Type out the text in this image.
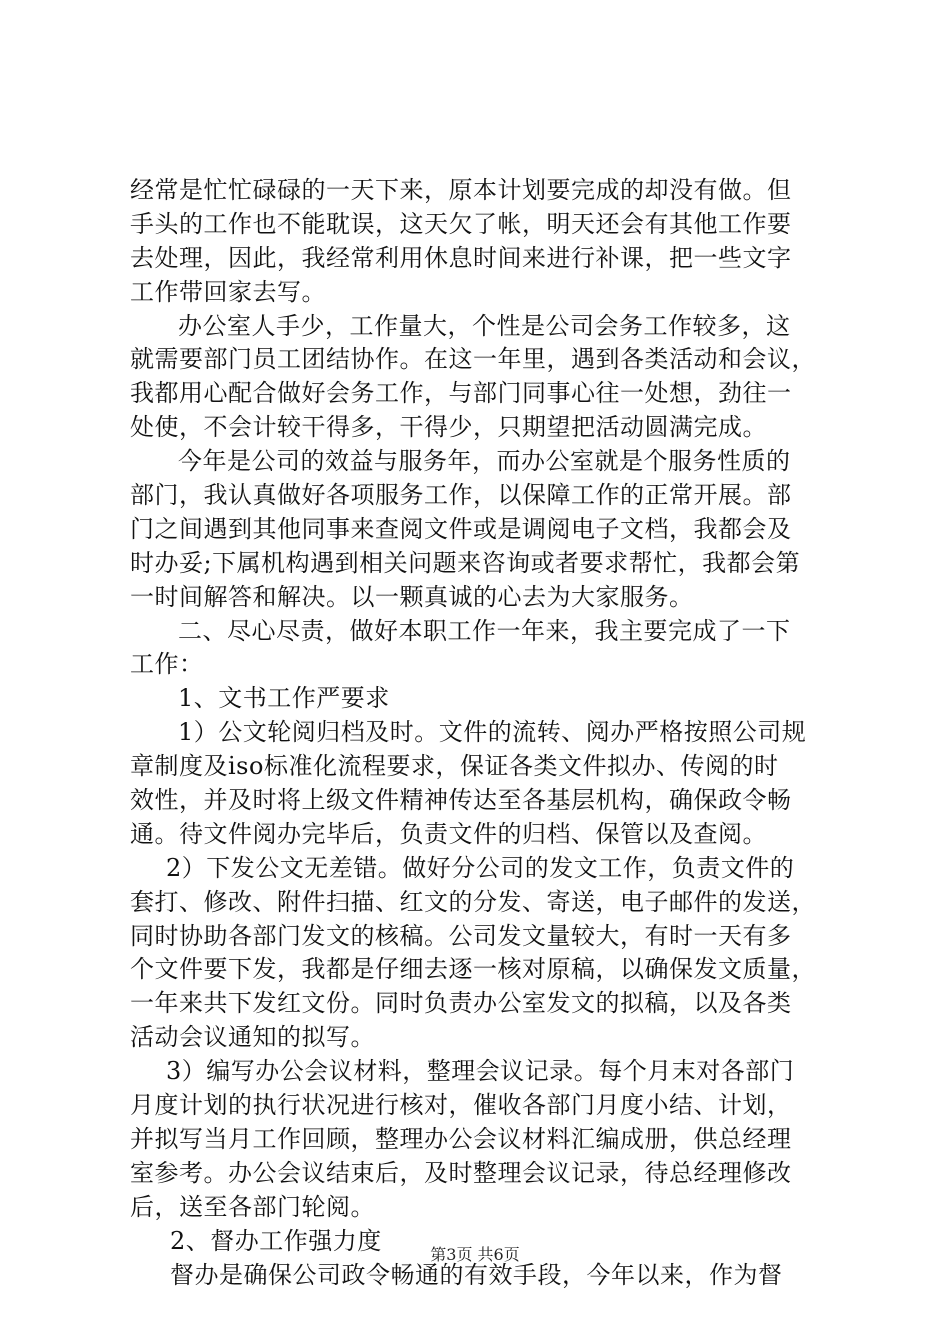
经常是忙忙碌碌的一天下来，原本计划要完成的却没有做。但
手头的工作也不能耽误，这天欠了帐，明天还会有其他工作要
去处理，因此，我经常利用休息时间来进行补课，把一些文字
工作带回家去写。
办公室人手少，工作量大，个性是公司会务工作较多，这
就需要部门员工团结协作。在这一年里，遇到各类活动和会议，
我都用心配合做好会务工作，与部门同事心往一处想，劲往一
处使，不会计较干得多，干得少，只期望把活动圆满完成。
今年是公司的效益与服务年，而办公室就是个服务性质的
部门，我认真做好各项服务工作，以保障工作的正常开展。部
门之间遇到其他同事来查阅文件或是调阅电子文档，我都会及
时办妥;下属机构遇到相关问题来咨询或者要求帮忙，我都会第
一时间解答和解决。以一颗真诚的心去为大家服务。
二、尽心尽责，做好本职工作一年来，我主要完成了一下
工作：
1、文书工作严要求
1）公文轮阅归档及时。文件的流转、阅办严格按照公司规
章制度及iso标准化流程要求，保证各类文件拟办、传阅的时
效性，并及时将上级文件精神传达至各基层机构，确保政令畅
通。待文件阅办完毕后，负责文件的归档、保管以及查阅。
2）下发公文无差错。做好分公司的发文工作，负责文件的
套打、修改、附件扫描、红文的分发、寄送，电子邮件的发送，
同时协助各部门发文的核稿。公司发文量较大，有时一天有多
个文件要下发，我都是仔细去逐一核对原稿，以确保发文质量，
一年来共下发红文份。同时负责办公室发文的拟稿，以及各类
活动会议通知的拟写。
3）编写办公会议材料，整理会议记录。每个月末对各部门
月度计划的执行状况进行核对，催收各部门月度小结、计划，
并拟写当月工作回顾，整理办公会议材料汇编成册，供总经理
室参考。办公会议结束后，及时整理会议记录，待总经理修改
后，送至各部门轮阅。
2、督办工作强力度
督办是确保公司政令畅通的有效手段，今年以来，作为督
第3页 共6页
